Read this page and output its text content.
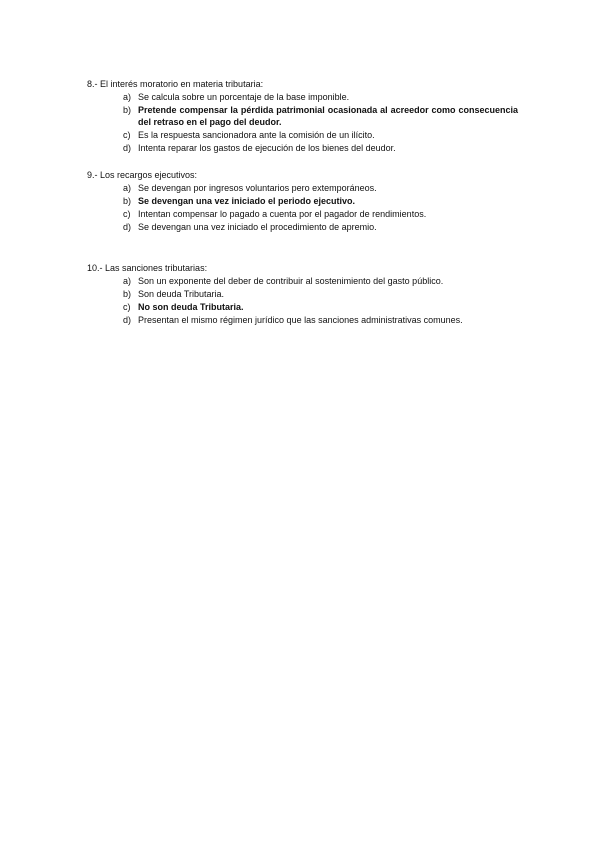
8.- El interés moratorio en materia tributaria:
a) Se calcula sobre un porcentaje de la base imponible.
b) Pretende compensar la pérdida patrimonial ocasionada al acreedor como consecuencia del retraso en el pago del deudor.
c) Es la respuesta sancionadora ante la comisión de un ilícito.
d) Intenta reparar los gastos de ejecución de los bienes del deudor.
9.- Los recargos ejecutivos:
a) Se devengan por ingresos voluntarios pero extemporáneos.
b) Se devengan una vez iniciado el periodo ejecutivo.
c) Intentan compensar lo pagado a cuenta por el pagador de rendimientos.
d) Se devengan una vez iniciado el procedimiento de apremio.
10.- Las sanciones tributarias:
a) Son un exponente del deber de contribuir al sostenimiento del gasto público.
b) Son deuda Tributaria.
c) No son deuda Tributaria.
d) Presentan el mismo régimen jurídico que las sanciones administrativas comunes.
